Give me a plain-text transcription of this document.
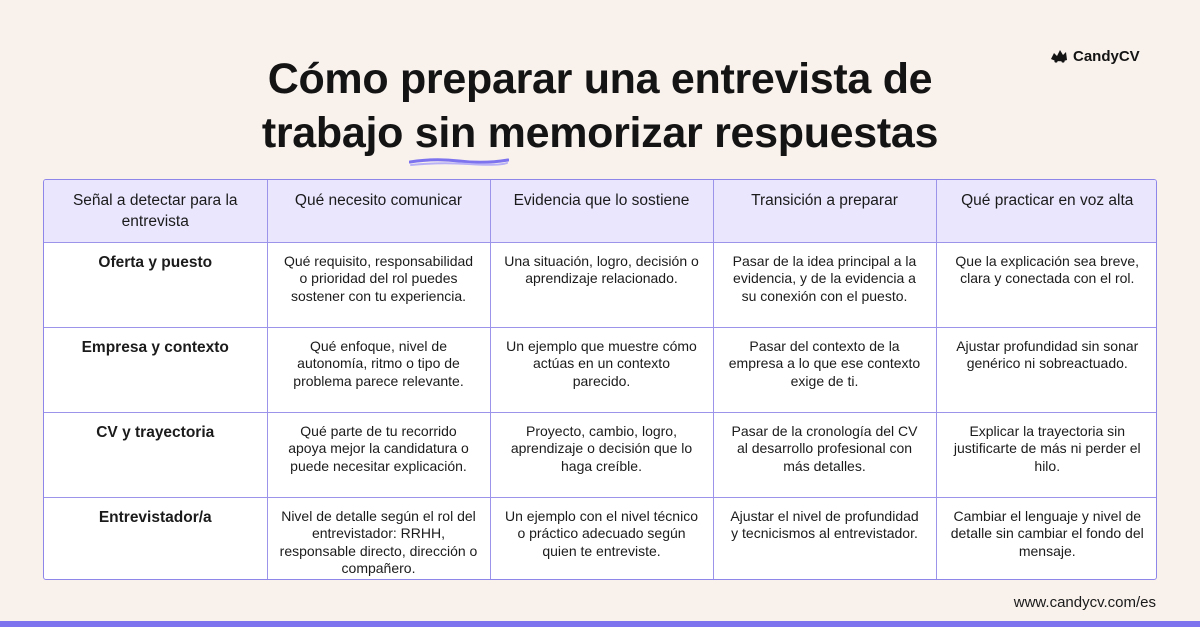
Cómo preparar una entrevista de
trabajo sin memorizar respuestas
CandyCV
Señal a detectar para la entrevista	Qué necesito comunicar	Evidencia que lo sostiene	Transición a preparar	Qué practicar en voz alta
Oferta y puesto	Qué requisito, responsabilidad o prioridad del rol puedes sostener con tu experiencia.	Una situación, logro, decisión o aprendizaje relacionado.	Pasar de la idea principal a la evidencia, y de la evidencia a su conexión con el puesto.	Que la explicación sea breve, clara y conectada con el rol.
Empresa y contexto	Qué enfoque, nivel de autonomía, ritmo o tipo de problema parece relevante.	Un ejemplo que muestre cómo actúas en un contexto parecido.	Pasar del contexto de la empresa a lo que ese contexto exige de ti.	Ajustar profundidad sin sonar genérico ni sobreactuado.
CV y trayectoria	Qué parte de tu recorrido apoya mejor la candidatura o puede necesitar explicación.	Proyecto, cambio, logro, aprendizaje o decisión que lo haga creíble.	Pasar de la cronología del CV al desarrollo profesional con más detalles.	Explicar la trayectoria sin justificarte de más ni perder el hilo.
Entrevistador/a	Nivel de detalle según el rol del entrevistador: RRHH, responsable directo, dirección o compañero.	Un ejemplo con el nivel técnico o práctico adecuado según quien te entreviste.	Ajustar el nivel de profundidad y tecnicismos al entrevistador.	Cambiar el lenguaje y nivel de detalle sin cambiar el fondo del mensaje.
www.candycv.com/es
